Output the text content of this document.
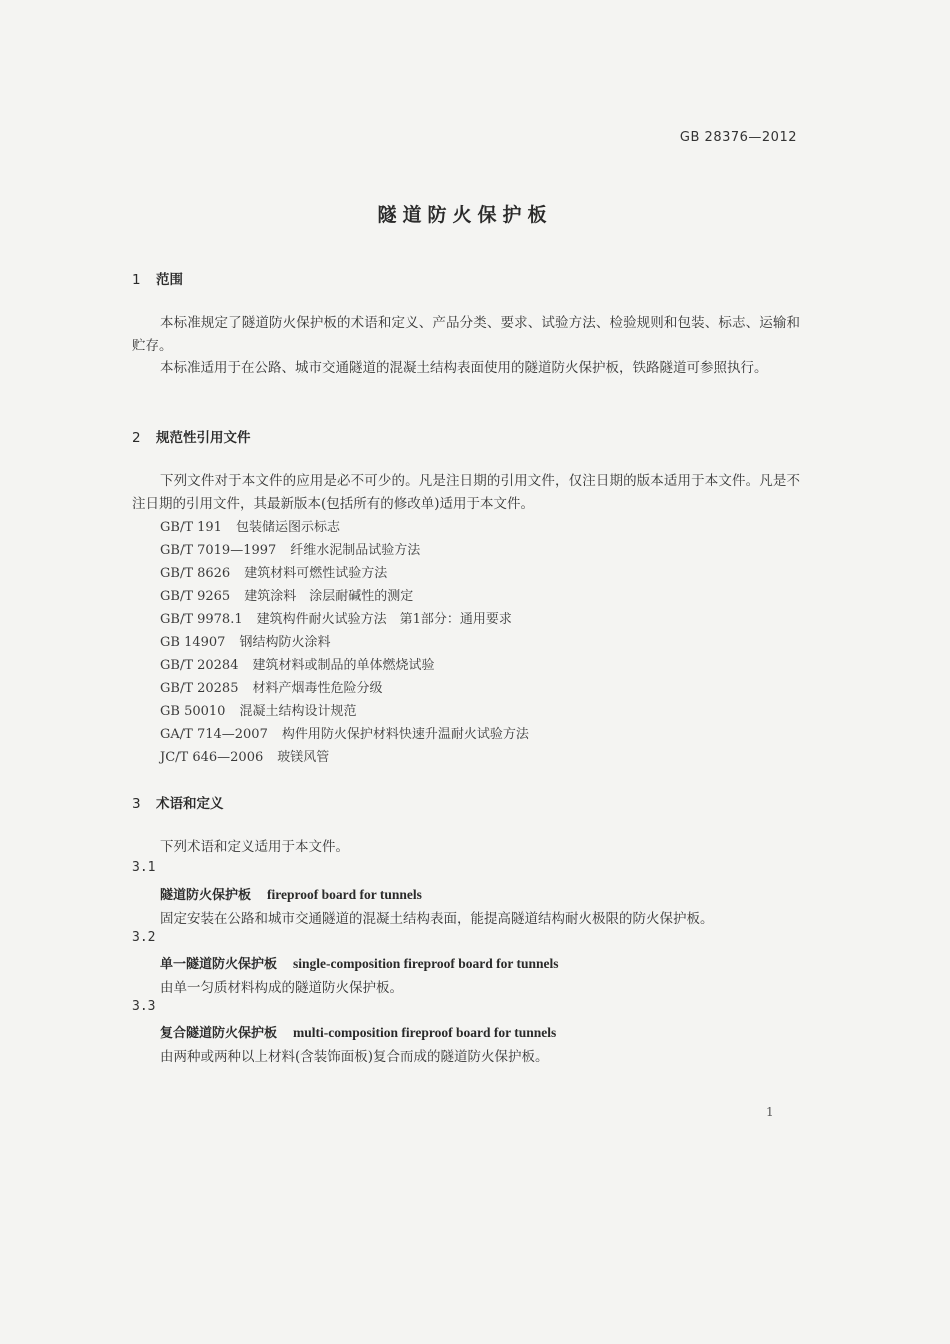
GB 28376—2012
隧道防火保护板
1 范围
本标准规定了隧道防火保护板的术语和定义、产品分类、要求、试验方法、检验规则和包装、标志、运输和贮存。
本标准适用于在公路、城市交通隧道的混凝土结构表面使用的隧道防火保护板，铁路隧道可参照执行。
2 规范性引用文件
下列文件对于本文件的应用是必不可少的。凡是注日期的引用文件，仅注日期的版本适用于本文件。凡是不注日期的引用文件，其最新版本(包括所有的修改单)适用于本文件。
GB/T 191 包装储运图示标志
GB/T 7019—1997 纤维水泥制品试验方法
GB/T 8626 建筑材料可燃性试验方法
GB/T 9265 建筑涂料　涂层耐碱性的测定
GB/T 9978.1 建筑构件耐火试验方法　第1部分：通用要求
GB 14907 钢结构防火涂料
GB/T 20284 建筑材料或制品的单体燃烧试验
GB/T 20285 材料产烟毒性危险分级
GB 50010 混凝土结构设计规范
GA/T 714—2007 构件用防火保护材料快速升温耐火试验方法
JC/T 646—2006 玻镁风管
3 术语和定义
下列术语和定义适用于本文件。
3.1
隧道防火保护板 fireproof board for tunnels
固定安装在公路和城市交通隧道的混凝土结构表面，能提高隧道结构耐火极限的防火保护板。
3.2
单一隧道防火保护板 single-composition fireproof board for tunnels
由单一匀质材料构成的隧道防火保护板。
3.3
复合隧道防火保护板 multi-composition fireproof board for tunnels
由两种或两种以上材料(含装饰面板)复合而成的隧道防火保护板。
1
